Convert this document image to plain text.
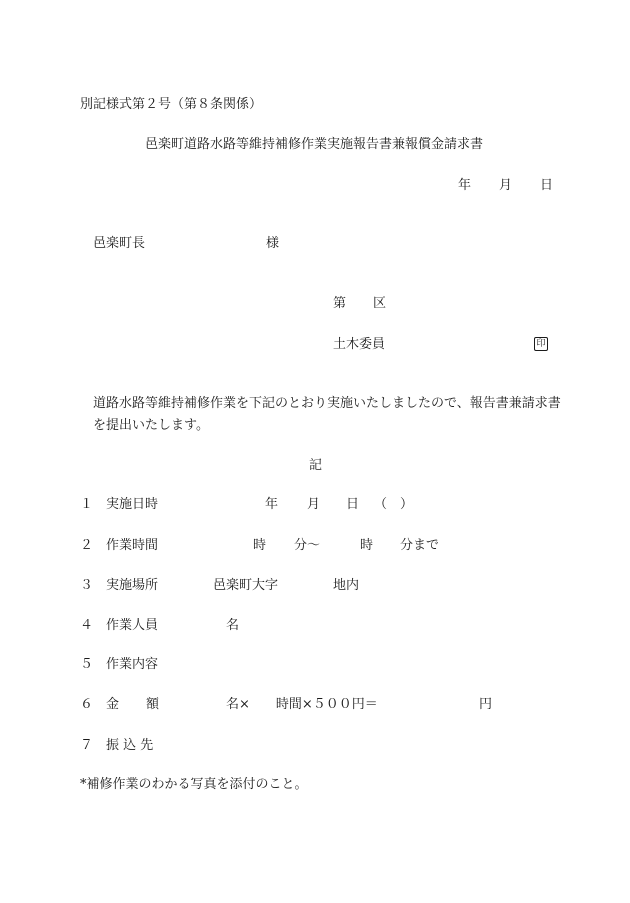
別記様式第２号（第８条関係）
邑楽町道路水路等維持補修作業実施報告書兼報償金請求書
年 月 日
邑楽町長	様
第 区
土木委員	印
道路水路等維持補修作業を下記のとおり実施いたしましたので、報告書兼請求書を提出いたします。
記
１ 実施日時	年 月 日 （　）
２ 作業時間	時 分～	時 分まで
３ 実施場所	邑楽町大字	地内
４ 作業人員	名
５ 作業内容
６ 金 額	名×　　時間×５００円＝	円
７ 振 込 先
*補修作業のわかる写真を添付のこと。
